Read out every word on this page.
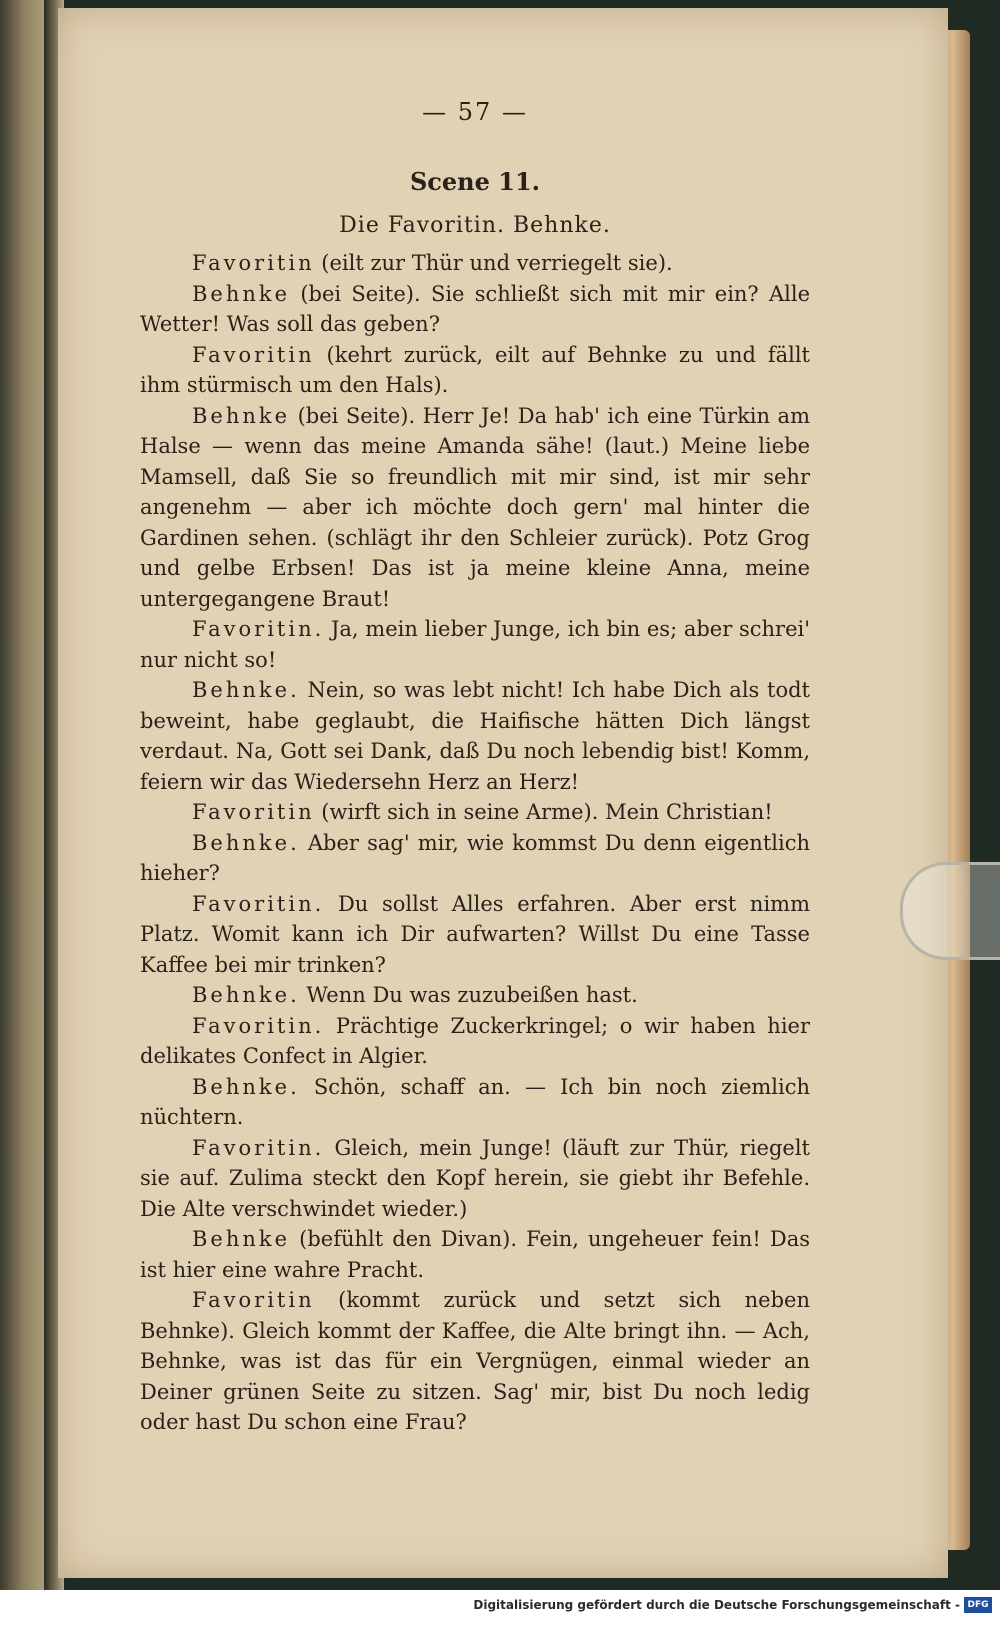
— 57 —
Scene 11.
Die Favoritin. Behnke.

Favoritin (eilt zur Thür und verriegelt sie).

Behnke (bei Seite). Sie schließt sich mit mir ein? Alle Wetter! Was soll das geben?

Favoritin (kehrt zurück, eilt auf Behnke zu und fällt ihm stürmisch um den Hals).

Behnke (bei Seite). Herr Je! Da hab' ich eine Türkin am Halse — wenn das meine Amanda sähe! (laut.) Meine liebe Mamsell, daß Sie so freundlich mit mir sind, ist mir sehr angenehm — aber ich möchte doch gern' mal hinter die Gardinen sehen. (schlägt ihr den Schleier zurück). Potz Grog und gelbe Erbsen! Das ist ja meine kleine Anna, meine untergegangene Braut!

Favoritin. Ja, mein lieber Junge, ich bin es; aber schrei' nur nicht so!

Behnke. Nein, so was lebt nicht! Ich habe Dich als todt beweint, habe geglaubt, die Haifische hätten Dich längst verdaut. Na, Gott sei Dank, daß Du noch lebendig bist! Komm, feiern wir das Wiedersehn Herz an Herz!

Favoritin (wirft sich in seine Arme). Mein Christian!

Behnke. Aber sag' mir, wie kommst Du denn eigentlich hieher?

Favoritin. Du sollst Alles erfahren. Aber erst nimm Platz. Womit kann ich Dir aufwarten? Willst Du eine Tasse Kaffee bei mir trinken?

Behnke. Wenn Du was zuzubeißen hast.

Favoritin. Prächtige Zuckerkringel; o wir haben hier delikates Confect in Algier.

Behnke. Schön, schaff an. — Ich bin noch ziemlich nüchtern.

Favoritin. Gleich, mein Junge! (läuft zur Thür, riegelt sie auf. Zulima steckt den Kopf herein, sie giebt ihr Befehle. Die Alte verschwindet wieder.)

Behnke (befühlt den Divan). Fein, ungeheuer fein! Das ist hier eine wahre Pracht.

Favoritin (kommt zurück und setzt sich neben Behnke). Gleich kommt der Kaffee, die Alte bringt ihn. — Ach, Behnke, was ist das für ein Vergnügen, einmal wieder an Deiner grünen Seite zu sitzen. Sag' mir, bist Du noch ledig oder hast Du schon eine Frau?

Digitalisierung gefördert durch die Deutsche Forschungsgemeinschaft - DFG
